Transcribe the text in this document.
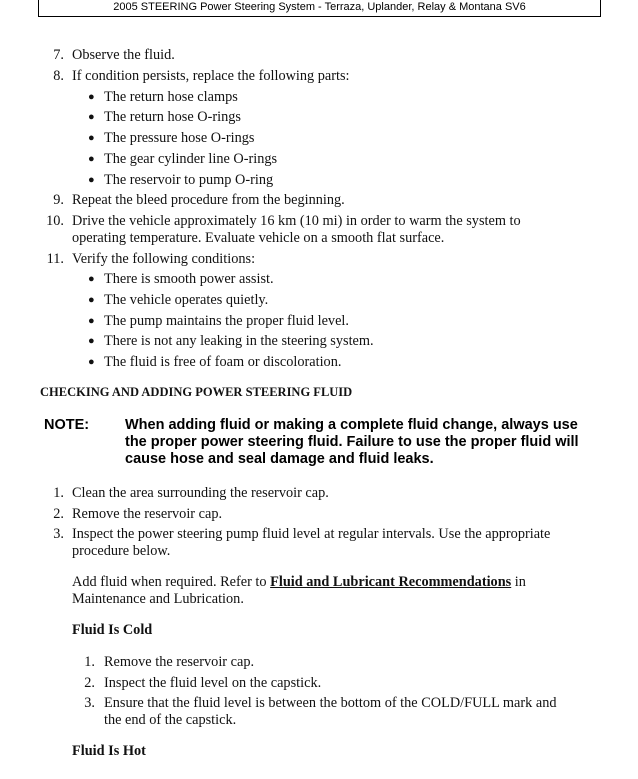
2005 STEERING Power Steering System - Terraza, Uplander, Relay & Montana SV6
7. Observe the fluid.
8. If condition persists, replace the following parts:
● The return hose clamps
● The return hose O-rings
● The pressure hose O-rings
● The gear cylinder line O-rings
● The reservoir to pump O-ring
9. Repeat the bleed procedure from the beginning.
10. Drive the vehicle approximately 16 km (10 mi) in order to warm the system to
operating temperature. Evaluate vehicle on a smooth flat surface.
11. Verify the following conditions:
● There is smooth power assist.
● The vehicle operates quietly.
● The pump maintains the proper fluid level.
● There is not any leaking in the steering system.
● The fluid is free of foam or discoloration.
CHECKING AND ADDING POWER STEERING FLUID
NOTE: When adding fluid or making a complete fluid change, always use
the proper power steering fluid. Failure to use the proper fluid will
cause hose and seal damage and fluid leaks.
1. Clean the area surrounding the reservoir cap.
2. Remove the reservoir cap.
3. Inspect the power steering pump fluid level at regular intervals. Use the appropriate
procedure below.
Add fluid when required. Refer to Fluid and Lubricant Recommendations in
Maintenance and Lubrication.
Fluid Is Cold
1. Remove the reservoir cap.
2. Inspect the fluid level on the capstick.
3. Ensure that the fluid level is between the bottom of the COLD/FULL mark and
the end of the capstick.
Fluid Is Hot
